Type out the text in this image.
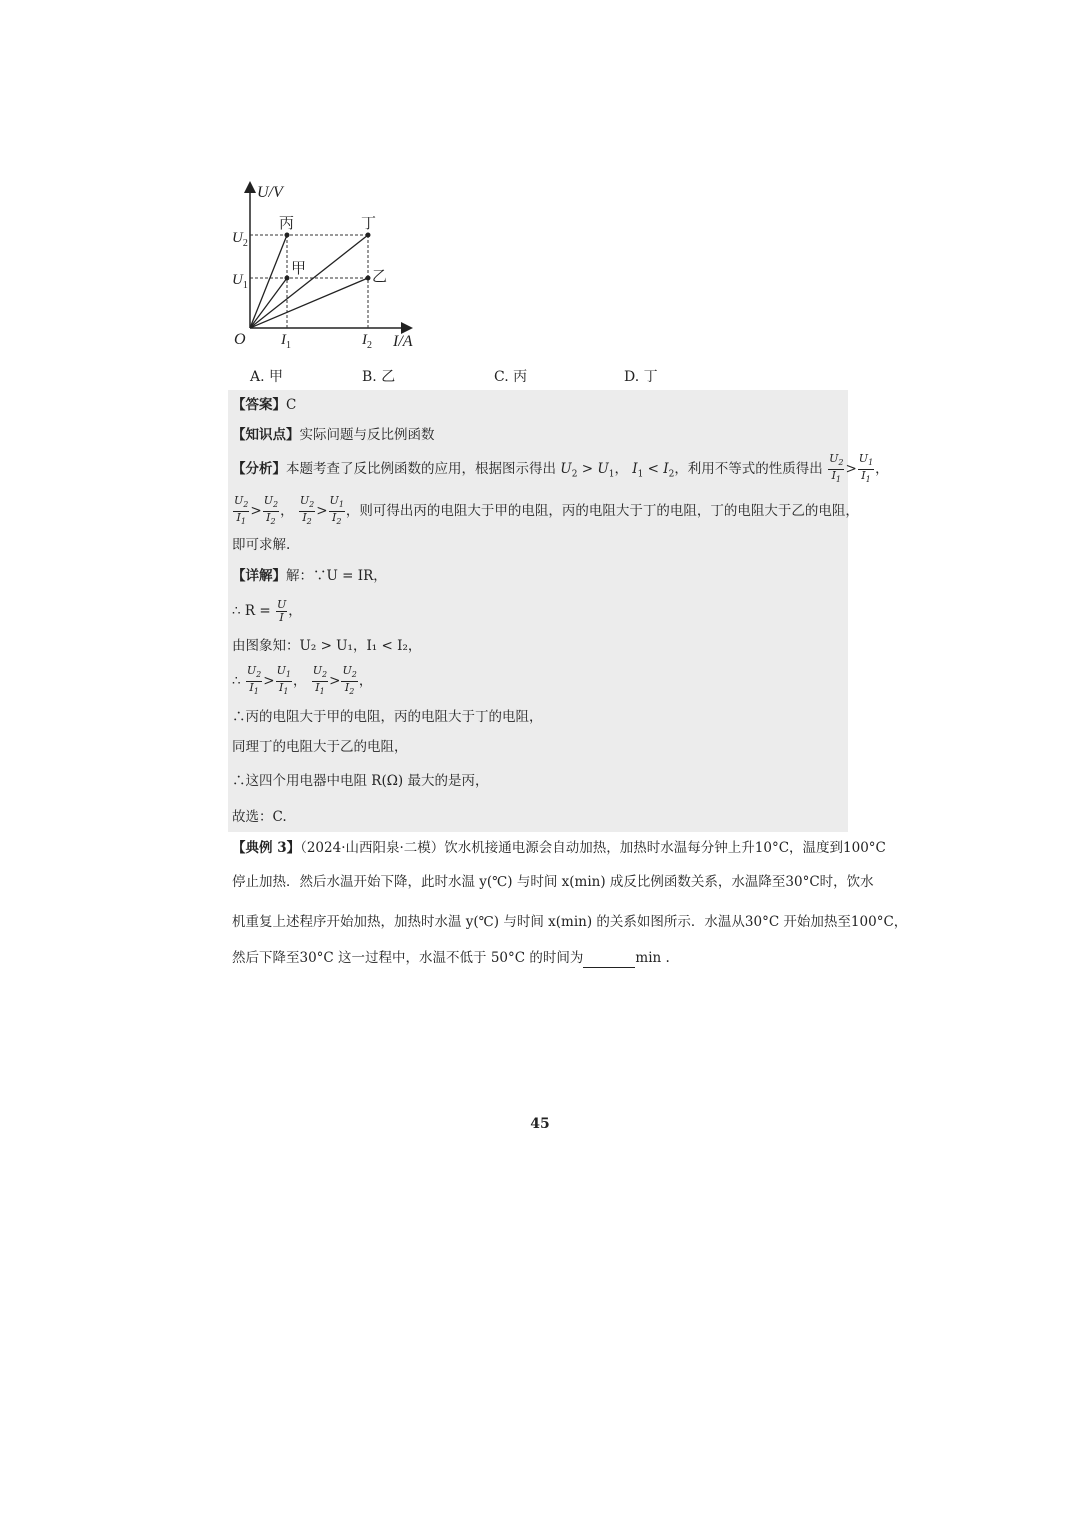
U/V
I/A
O
$U_2$
$U_1$
$I_1$	$I_2$
丙
甲
丁
乙
A. 甲	B. 乙	C. 丙	D. 丁
【答案】C
【知识点】实际问题与反比例函数
【分析】本题考查了反比例函数的应用，根据图示得出 $U_2 > U_1$， $I_1 < I_2$，利用不等式的性质得出 $\frac{U_2}{I_1} > \frac{U_1}{I_1}$ ，
$\frac{U_2}{I_1} > \frac{U_2}{I_2}$ ， $\frac{U_2}{I_2} > \frac{U_1}{I_2}$ ，则可得出丙的电阻大于甲的电阻，丙的电阻大于丁的电阻，丁的电阻大于乙的电阻，
即可求解.
【详解】解：∵U = IR，
∴ $R = \frac{U}{I}$ ，
由图象知：U₂ > U₁，I₁ < I₂，
∴ $\frac{U_2}{I_1} > \frac{U_1}{I_1}$ ， $\frac{U_2}{I_1} > \frac{U_2}{I_2}$ ，
∴丙的电阻大于甲的电阻，丙的电阻大于丁的电阻，
同理丁的电阻大于乙的电阻，
∴这四个用电器中电阻 R(Ω) 最大的是丙，
故选：C.
【典例 3】（2024·山西阳泉·二模）饮水机接通电源会自动加热，加热时水温每分钟上升10°C，温度到100°C
停止加热．然后水温开始下降，此时水温 y(℃) 与时间 x(min) 成反比例函数关系，水温降至30°C时，饮水
机重复上述程序开始加热，加热时水温 y(℃) 与时间 x(min) 的关系如图所示．水温从30°C 开始加热至100°C，
然后下降至30°C 这一过程中，水温不低于 50°C 的时间为	min .
45
